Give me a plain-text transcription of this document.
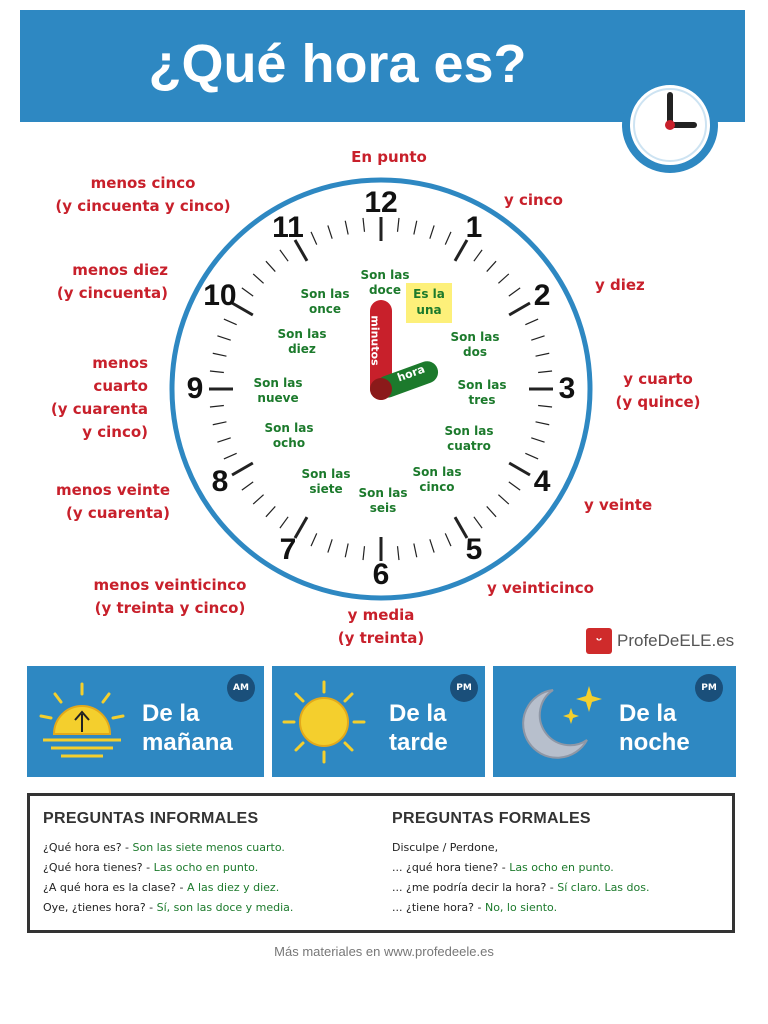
¿Qué hora es?
12
1
2
3
4
5
6
7
8
9
10
11
minutos
hora
Son las
doce	Es la
una
Son las
dos
Son las
tres
Son las
cuatro
Son las
cinco
Son las
seis
Son las
siete
Son las
ocho
Son las
nueve
Son las
diez
Son las
once
En punto
y cinco
y diez
y cuarto
(y quince)
y veinte
y veinticinco
y media
(y treinta)
menos veinticinco
(y treinta y cinco)
menos veinte
(y cuarenta)
menos
cuarto
(y cuarenta
y cinco)
menos diez
(y cincuenta)
menos cinco
(y cincuenta y cinco)
ᵕ ProfeDeELE.es
De la
mañana
AM
De la
tarde
PM
De la
noche
PM
PREGUNTAS INFORMALES
¿Qué hora es? - Son las siete menos cuarto.
¿Qué hora tienes? - Las ocho en punto.
¿A qué hora es la clase? - A las diez y diez.
Oye, ¿tienes hora? - Sí, son las doce y media.
PREGUNTAS FORMALES
Disculpe / Perdone,
... ¿qué hora tiene? - Las ocho en punto.
... ¿me podría decir la hora? - Sí claro. Las dos.
... ¿tiene hora? - No, lo siento.
Más materiales en www.profedeele.es
